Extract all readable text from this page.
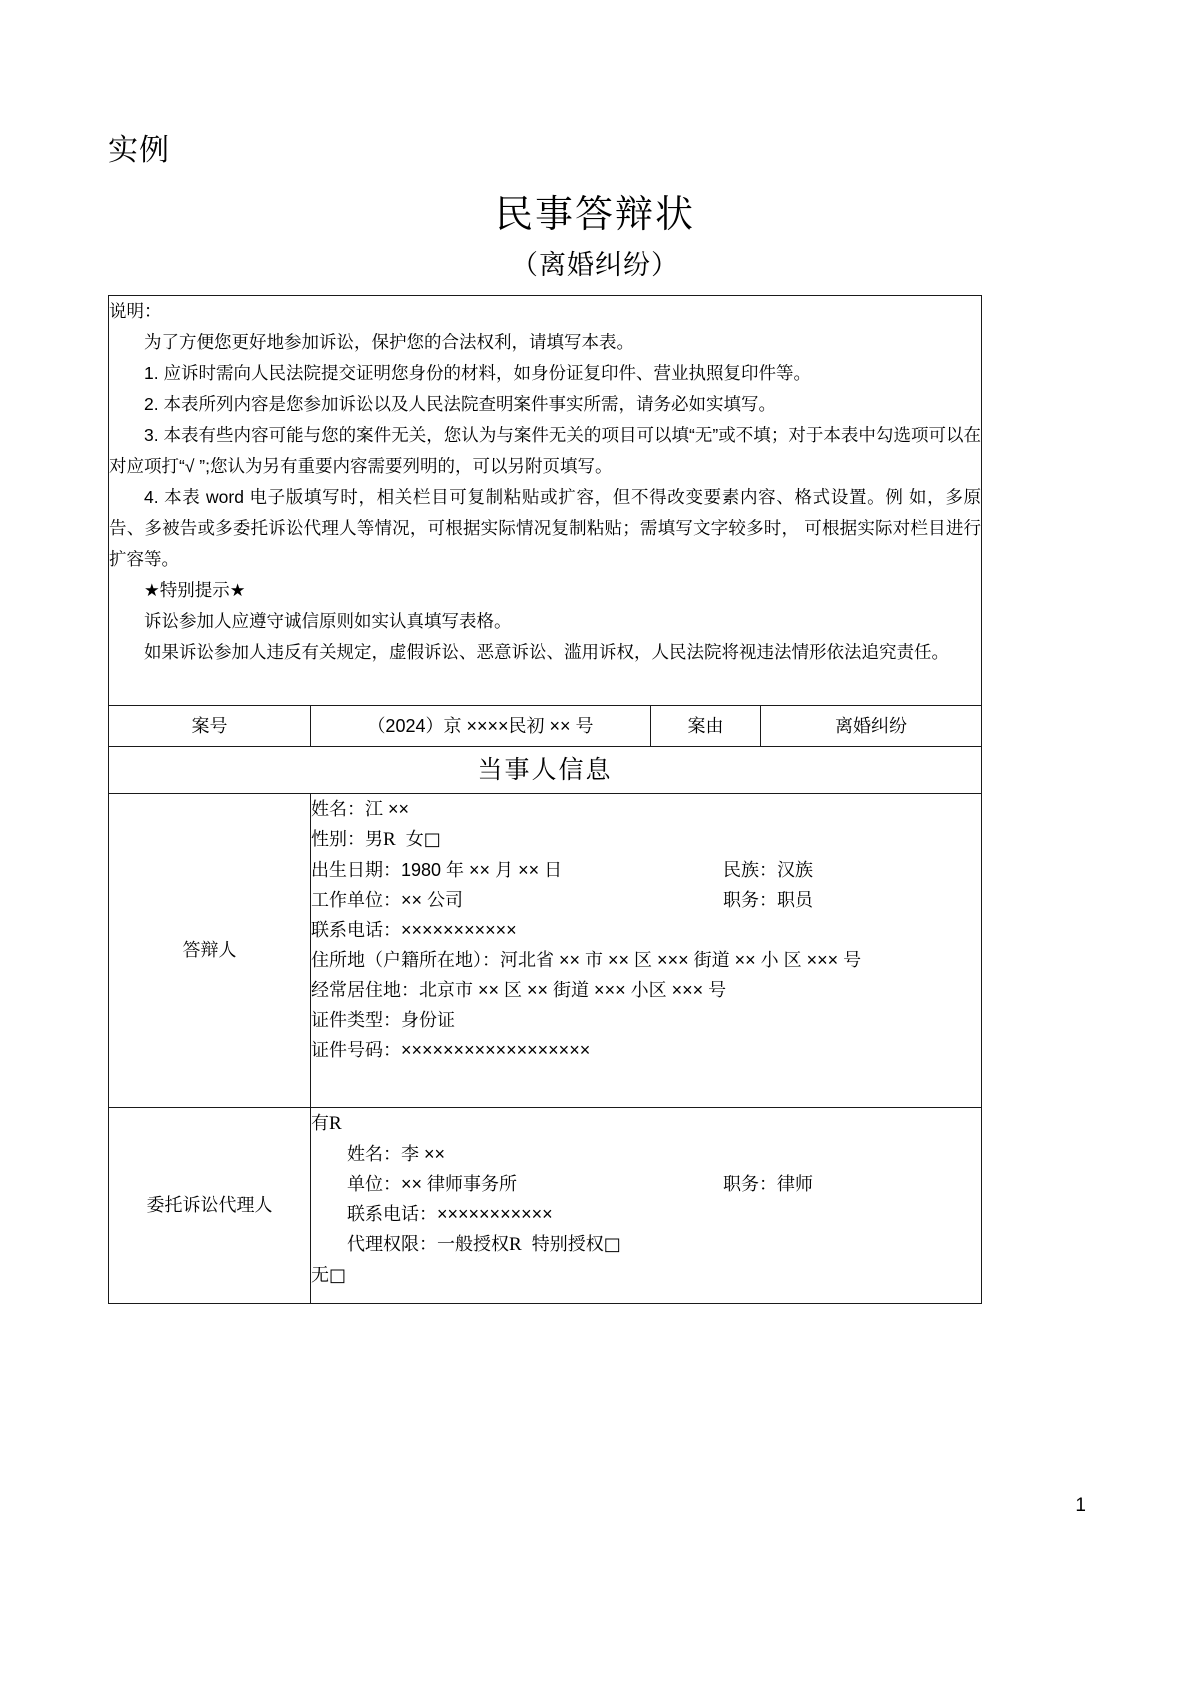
实例
民事答辩状
（离婚纠纷）

说明：

为了方便您更好地参加诉讼，保护您的合法权利，请填写本表。

1. 应诉时需向人民法院提交证明您身份的材料，如身份证复印件、营业执照复印件等。

2. 本表所列内容是您参加诉讼以及人民法院查明案件事实所需，请务必如实填写。

3. 本表有些内容可能与您的案件无关，您认为与案件无关的项目可以填“无”或不填；对于本表中勾选项可以在对应项打“√ ”;您认为另有重要内容需要列明的，可以另附页填写。

4. 本表 word 电子版填写时，相关栏目可复制粘贴或扩容，但不得改变要素内容、格式设置。例 如，多原告、多被告或多委托诉讼代理人等情况，可根据实际情况复制粘贴；需填写文字较多时， 可根据实际对栏目进行扩容等。

★特别提示★

诉讼参加人应遵守诚信原则如实认真填写表格。

如果诉讼参加人违反有关规定，虚假诉讼、恶意诉讼、滥用诉权，人民法院将视违法情形依法追究责任。

案号	（2024）京 ××××民初 ×× 号	案由	离婚纠纷
当事人信息			
答辩人	
姓名：江 ××
性别：男R 女□
出生日期：1980 年 ×× 月 ×× 日	民族：汉族
工作单位：×× 公司	职务：职员
联系电话：×××××××××××
住所地（户籍所在地）：河北省 ×× 市 ×× 区 ××× 街道 ×× 小 区 ××× 号
经常居住地：北京市 ×× 区 ×× 街道 ××× 小区 ××× 号
证件类型：身份证
证件号码：××××××××××××××××××

委托诉讼代理人	
有R
姓名：李 ××
单位：×× 律师事务所	职务：律师
联系电话：×××××××××××
代理权限：一般授权R 特别授权□
无□
1
